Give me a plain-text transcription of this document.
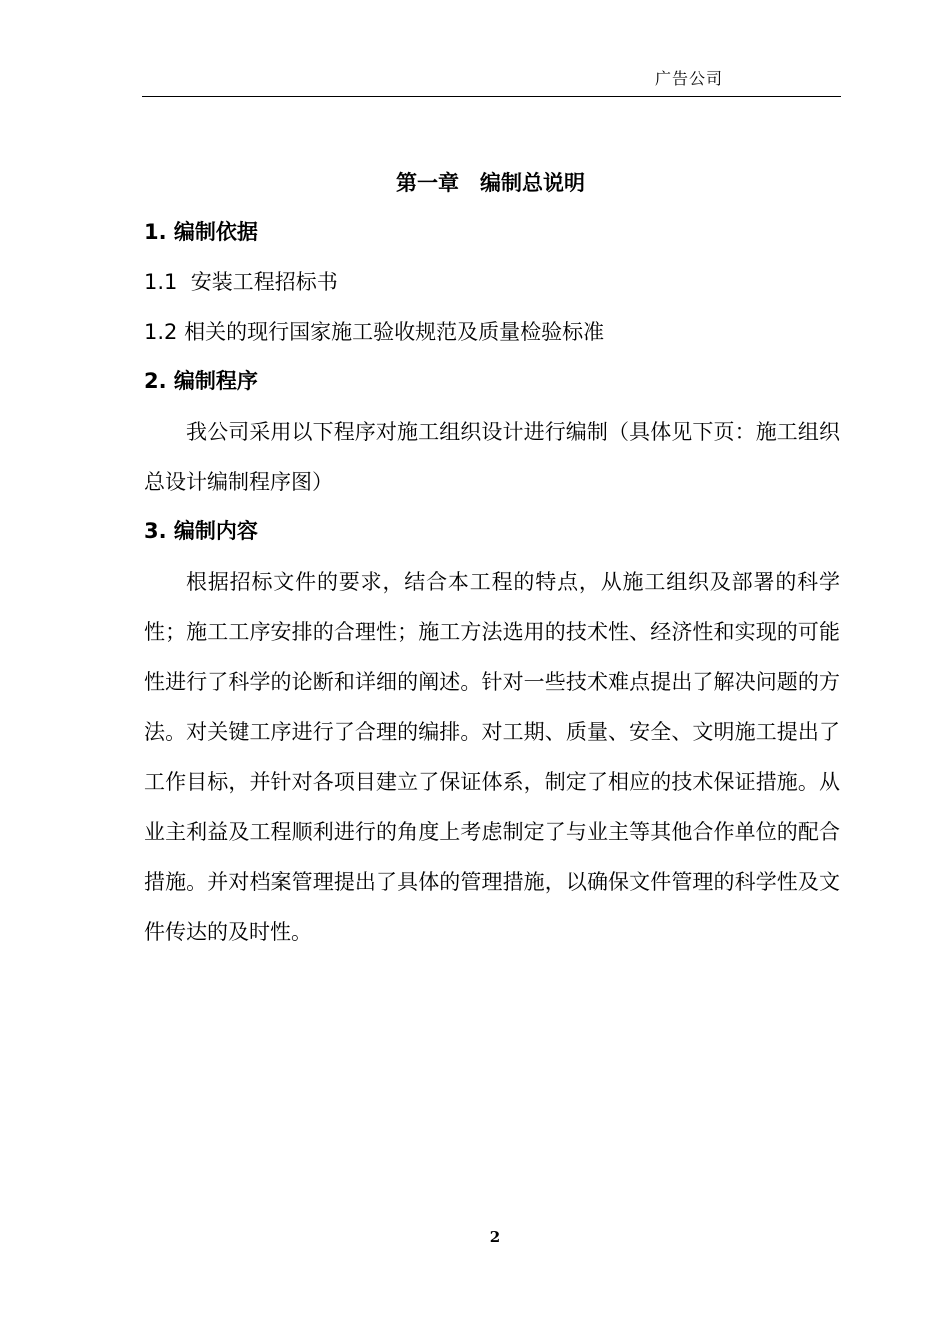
广告公司
第一章　编制总说明
1. 编制依据
1.1  安装工程招标书
1.2 相关的现行国家施工验收规范及质量检验标准
2. 编制程序
我公司采用以下程序对施工组织设计进行编制（具体见下页：施工组织总设计编制程序图）
3. 编制内容
根据招标文件的要求，结合本工程的特点，从施工组织及部署的科学性；施工工序安排的合理性；施工方法选用的技术性、经济性和实现的可能性进行了科学的论断和详细的阐述。针对一些技术难点提出了解决问题的方法。对关键工序进行了合理的编排。对工期、质量、安全、文明施工提出了工作目标，并针对各项目建立了保证体系，制定了相应的技术保证措施。从业主利益及工程顺利进行的角度上考虑制定了与业主等其他合作单位的配合措施。并对档案管理提出了具体的管理措施，以确保文件管理的科学性及文件传达的及时性。
2
